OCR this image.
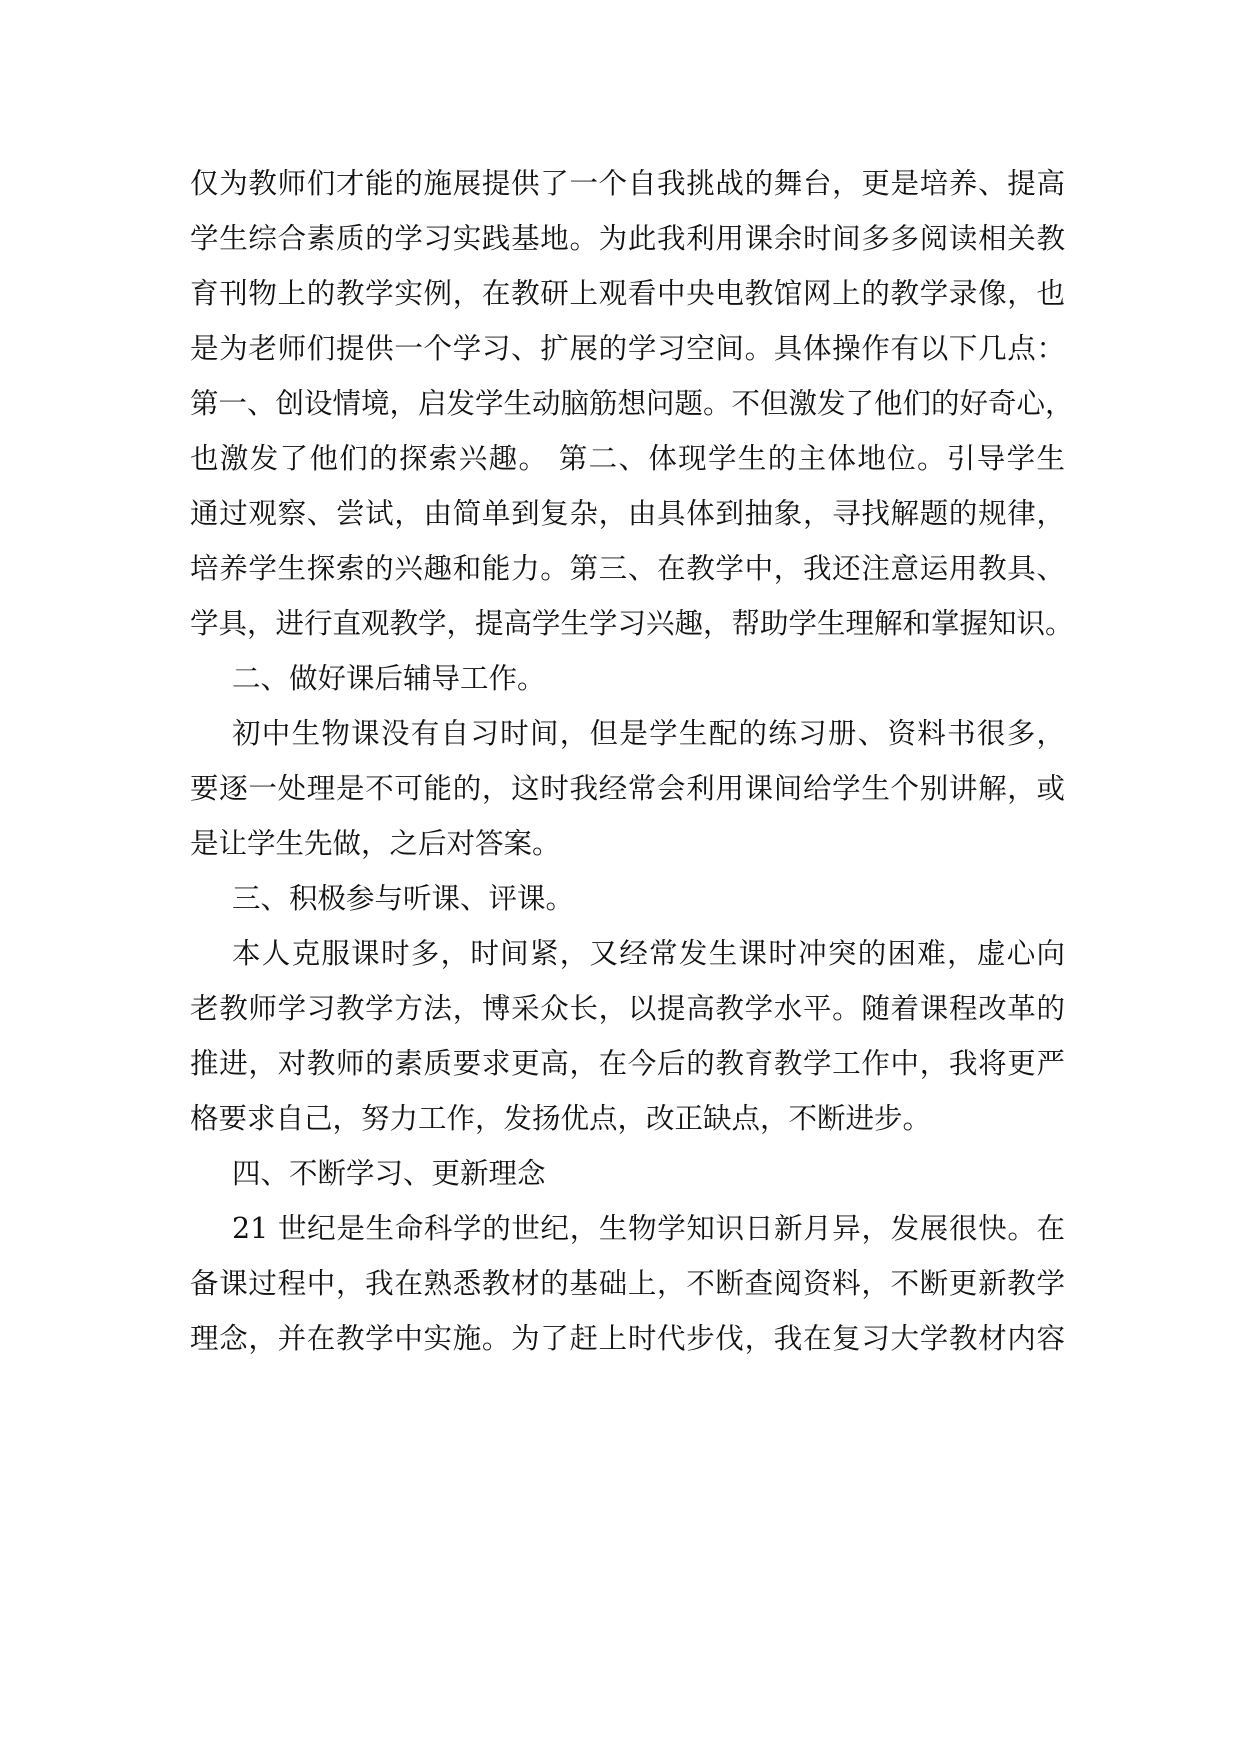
仅为教师们才能的施展提供了一个自我挑战的舞台，更是培养、提高
学生综合素质的学习实践基地。为此我利用课余时间多多阅读相关教
育刊物上的教学实例，在教研上观看中央电教馆网上的教学录像，也
是为老师们提供一个学习、扩展的学习空间。具体操作有以下几点：
第一、创设情境，启发学生动脑筋想问题。不但激发了他们的好奇心，
也激发了他们的探索兴趣。 第二、体现学生的主体地位。引导学生
通过观察、尝试，由简单到复杂，由具体到抽象，寻找解题的规律，
培养学生探索的兴趣和能力。第三、在教学中，我还注意运用教具、
学具，进行直观教学，提高学生学习兴趣，帮助学生理解和掌握知识。
二、做好课后辅导工作。
初中生物课没有自习时间，但是学生配的练习册、资料书很多，
要逐一处理是不可能的，这时我经常会利用课间给学生个别讲解，或
是让学生先做，之后对答案。
三、积极参与听课、评课。
本人克服课时多，时间紧，又经常发生课时冲突的困难，虚心向
老教师学习教学方法，博采众长，以提高教学水平。随着课程改革的
推进，对教师的素质要求更高，在今后的教育教学工作中，我将更严
格要求自己，努力工作，发扬优点，改正缺点，不断进步。
四、不断学习、更新理念
21 世纪是生命科学的世纪，生物学知识日新月异，发展很快。在
备课过程中，我在熟悉教材的基础上，不断查阅资料，不断更新教学
理念，并在教学中实施。为了赶上时代步伐，我在复习大学教材内容
